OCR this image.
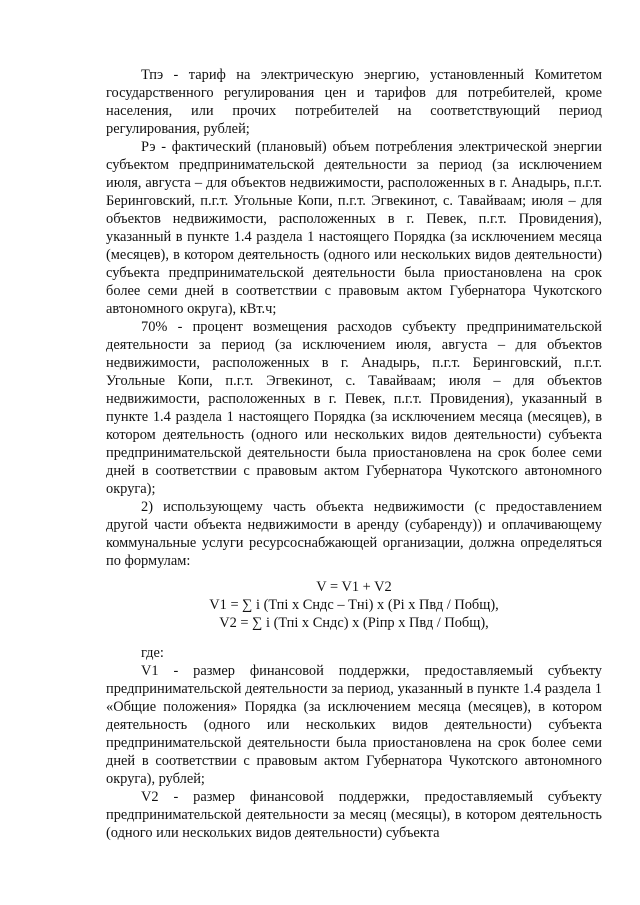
Тпэ - тариф на электрическую энергию, установленный Комитетом государственного регулирования цен и тарифов для потребителей, кроме населения, или прочих потребителей на соответствующий период регулирования, рублей;

Рэ - фактический (плановый) объем потребления электрической энергии субъектом предпринимательской деятельности за период (за исключением июля, августа – для объектов недвижимости, расположенных в г. Анадырь, п.г.т. Беринговский, п.г.т. Угольные Копи, п.г.т. Эгвекинот, с. Тавайваам; июля – для объектов недвижимости, расположенных в г. Певек, п.г.т. Провидения), указанный в пункте 1.4 раздела 1 настоящего Порядка (за исключением месяца (месяцев), в котором деятельность (одного или нескольких видов деятельности) субъекта предпринимательской деятельности была приостановлена на срок более семи дней в соответствии с правовым актом Губернатора Чукотского автономного округа), кВт.ч;

70% - процент возмещения расходов субъекту предпринимательской деятельности за период (за исключением июля, августа – для объектов недвижимости, расположенных в г. Анадырь, п.г.т. Беринговский, п.г.т. Угольные Копи, п.г.т. Эгвекинот, с. Тавайваам; июля – для объектов недвижимости, расположенных в г. Певек, п.г.т. Провидения), указанный в пункте 1.4 раздела 1 настоящего Порядка (за исключением месяца (месяцев), в котором деятельность (одного или нескольких видов деятельности) субъекта предпринимательской деятельности была приостановлена на срок более семи дней в соответствии с правовым актом Губернатора Чукотского автономного округа);

2) использующему часть объекта недвижимости (с предоставлением другой части объекта недвижимости в аренду (субаренду)) и оплачивающему коммунальные услуги ресурсоснабжающей организации, должна определяться по формулам:

V = V1 + V2
V1 = ∑ i (Тпi x Cндс – Тнi) x (Рi x Пвд / Побщ),
V2 = ∑ i (Тпi x Cндс) x (Рiпр x Пвд / Побщ),
где:

V1 - размер финансовой поддержки, предоставляемый субъекту предпринимательской деятельности за период, указанный в пункте 1.4 раздела 1 «Общие положения» Порядка (за исключением месяца (месяцев), в котором деятельность (одного или нескольких видов деятельности) субъекта предпринимательской деятельности была приостановлена на срок более семи дней в соответствии с правовым актом Губернатора Чукотского автономного округа), рублей;

V2 - размер финансовой поддержки, предоставляемый субъекту предпринимательской деятельности за месяц (месяцы), в котором деятельность (одного или нескольких видов деятельности) субъекта
